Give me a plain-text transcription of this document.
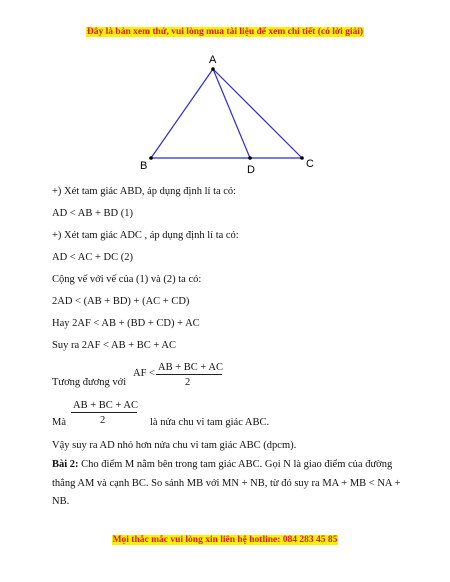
Đây là bản xem thử, vui lòng mua tài liệu để xem chi tiết (có lời giải)
A
B	C
D
+) Xét tam giác ABD, áp dụng định lí ta có:
AD < AB + BD (1)
+) Xét tam giác ADC , áp dụng định lí ta có:
AD < AC + DC (2)
Cộng vế với vế của (1) và (2) ta có:
2AD < (AB + BD) + (AC + CD)
Hay 2AF < AB + (BD + CD) + AC
Suy ra 2AF < AB + BC + AC
Tương đương với
AF <
AB + BC + AC
2
Mà
AB + BC + AC
2	là nửa chu vi tam giác ABC.
Vậy suy ra AD nhỏ hơn nửa chu vi tam giác ABC (dpcm).
Bài 2: Cho điểm M nằm bên trong tam giác ABC. Gọi N là giao điểm của đường thẳng AM và cạnh BC. So sánh MB với MN + NB, từ đó suy ra MA + MB < NA + NB.
Mọi thắc mắc vui lòng xin liên hệ hotline: 084 283 45 85
